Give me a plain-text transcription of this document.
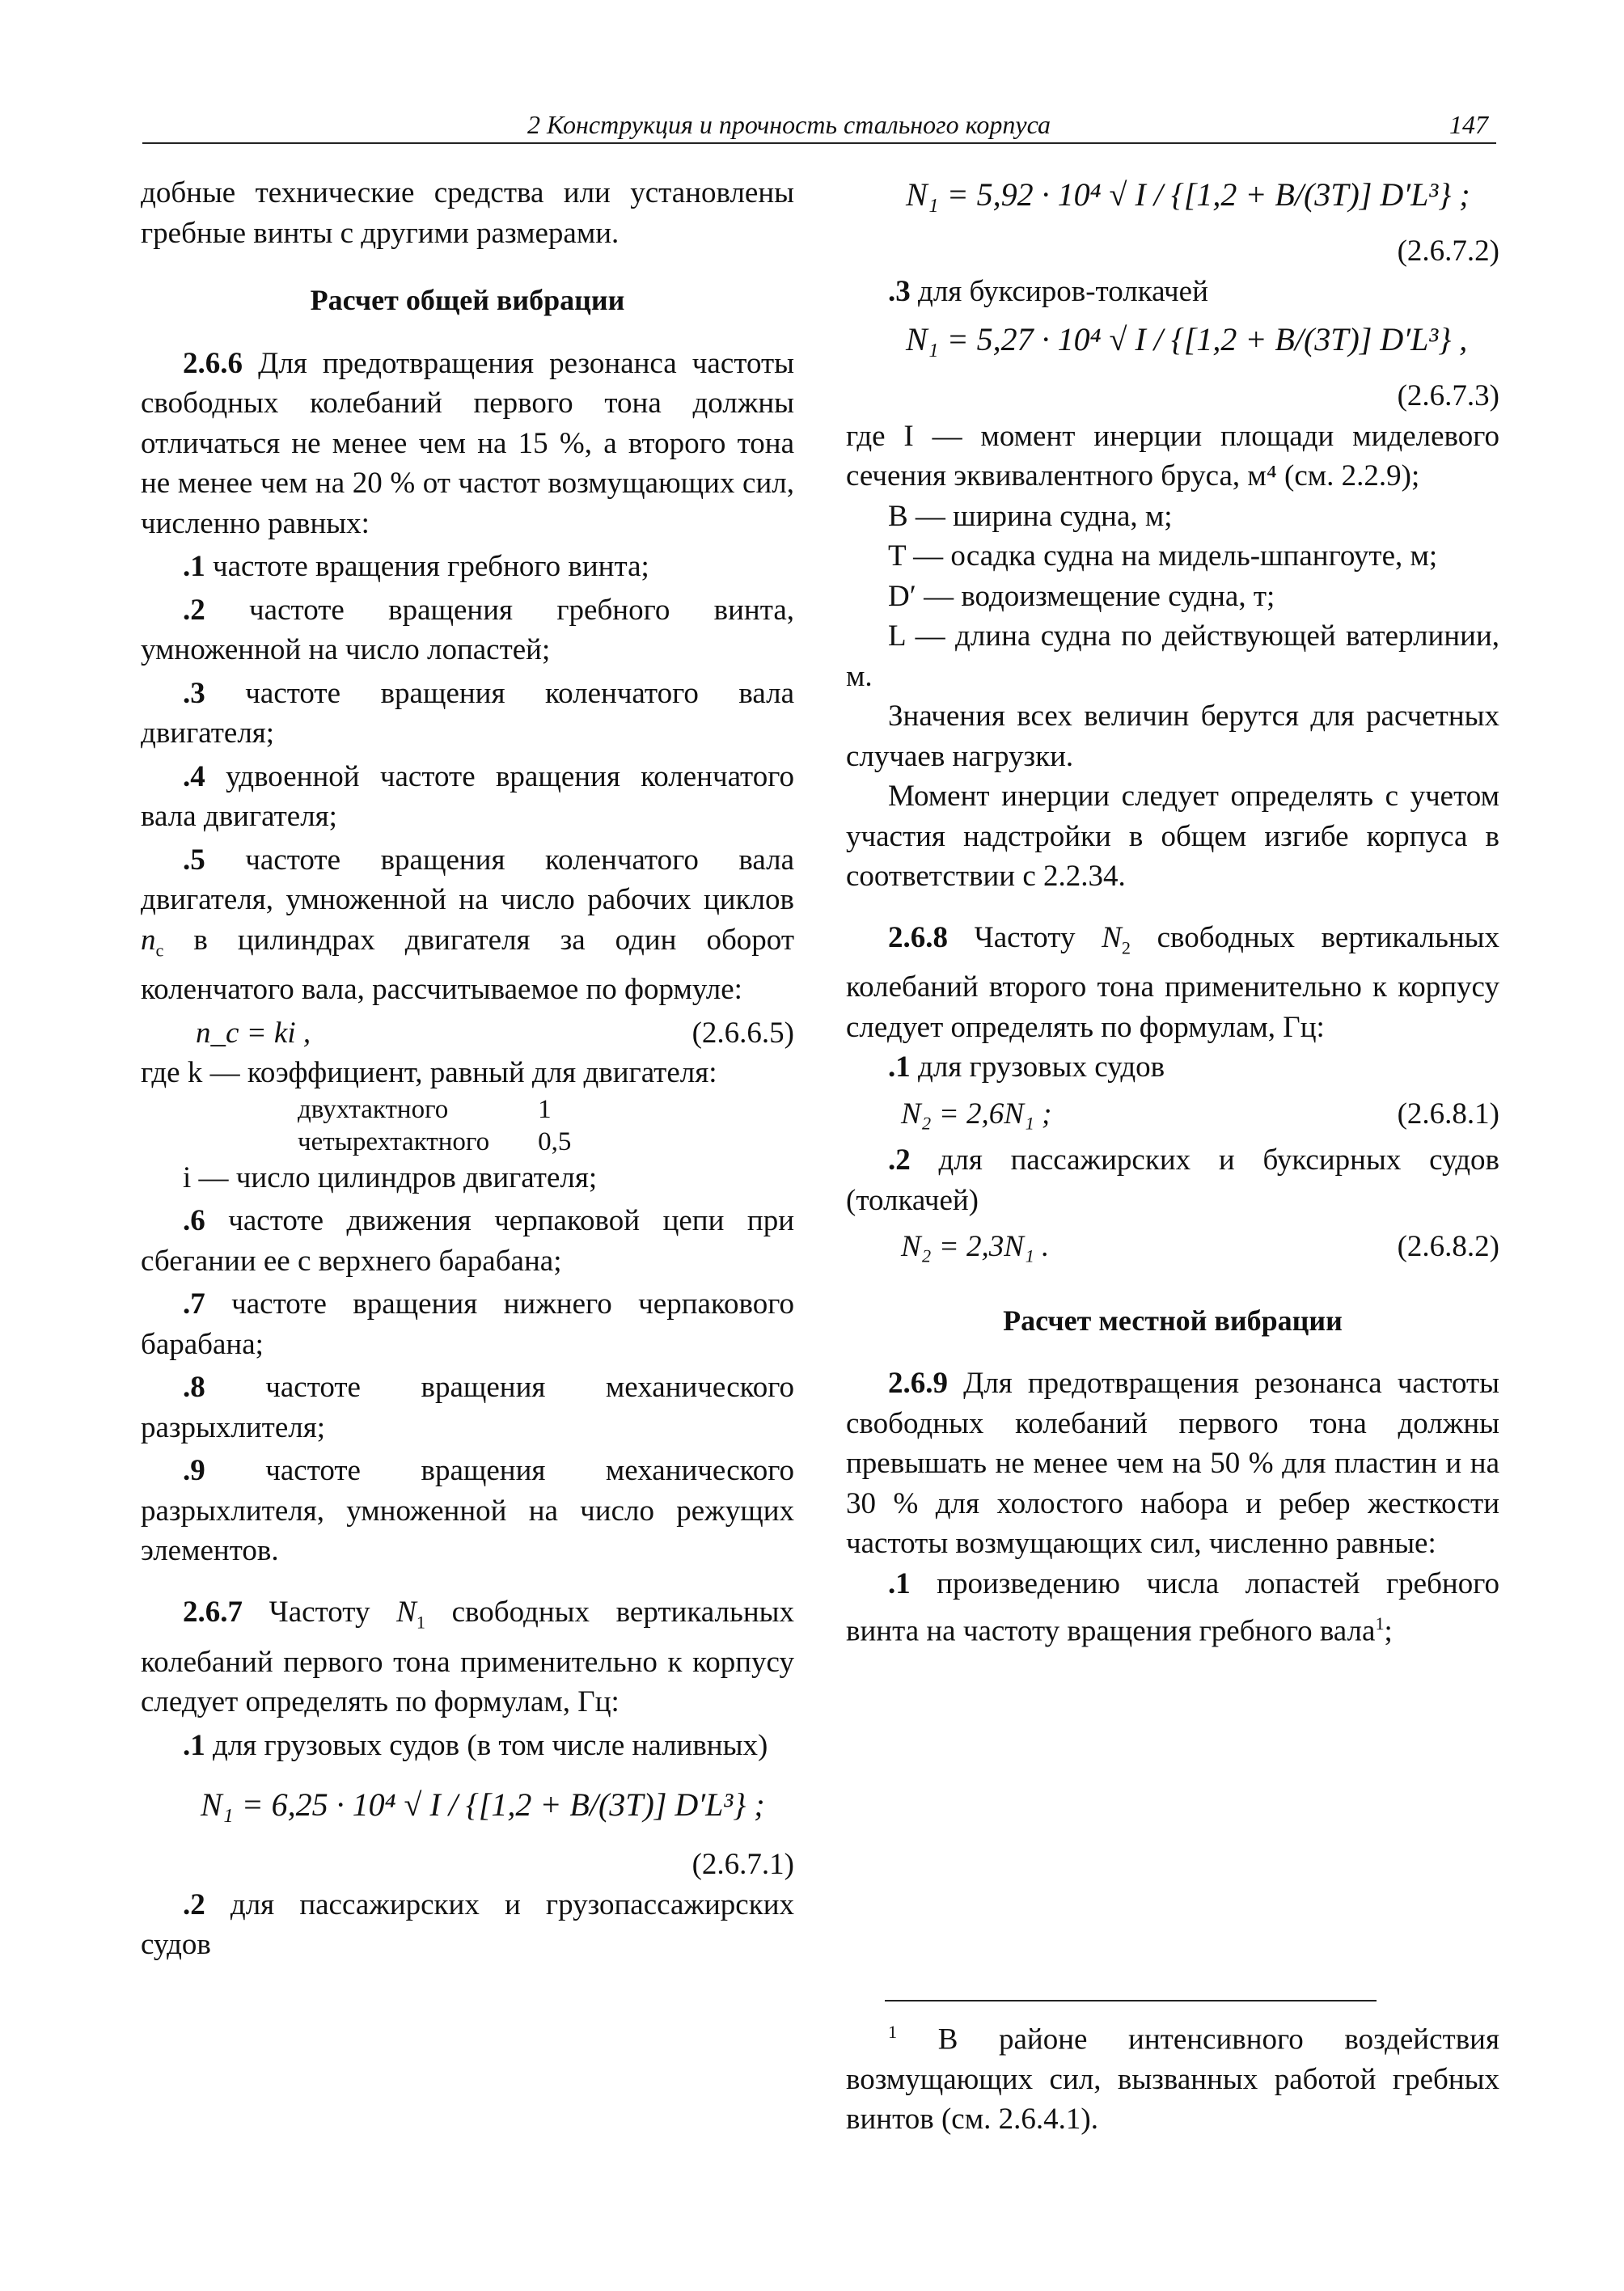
2 Конструкция и прочность стального корпуса	147

добные технические средства или установлены гребные винты с другими размерами.

Расчет общей вибрации

2.6.6 Для предотвращения резонанса частоты свободных колебаний первого тона должны отличаться не менее чем на 15 %, а второго тона не менее чем на 20 % от частот возмущающих сил, численно равных:

.1 частоте вращения гребного винта;

.2 частоте вращения гребного винта, умноженной на число лопастей;

.3 частоте вращения коленчатого вала двигателя;

.4 удвоенной частоте вращения коленчатого вала двигателя;

.5 частоте вращения коленчатого вала двигателя, умноженной на число рабочих циклов $n_c$ в цилиндрах двигателя за один оборот коленчатого вала, рассчитываемое по формуле:

n_c = ki ,	(2.6.6.5)

где k — коэффициент, равный для двигателя:

двухтактного	1
четырехтактного	0,5

i — число цилиндров двигателя;

.6 частоте движения черпаковой цепи при сбегании ее с верхнего барабана;

.7 частоте вращения нижнего черпакового барабана;

.8 частоте вращения механического разрыхлителя;

.9 частоте вращения механического разрыхлителя, умноженной на число режущих элементов.

2.6.7 Частоту $N_1$ свободных вертикальных колебаний первого тона применительно к корпусу следует определять по формулам, Гц:

.1 для грузовых судов (в том числе наливных)

N₁ = 6,25 · 10⁴ √ I / {[1,2 + B/(3T)] D′L³} ;

(2.6.7.1)

.2 для пассажирских и грузопассажирских судов

N₁ = 5,92 · 10⁴ √ I / {[1,2 + B/(3T)] D′L³} ;

(2.6.7.2)

.3 для буксиров-толкачей

N₁ = 5,27 · 10⁴ √ I / {[1,2 + B/(3T)] D′L³} ,

(2.6.7.3)

где I — момент инерции площади миделевого сечения эквивалентного бруса, м⁴ (см. 2.2.9);

B — ширина судна, м;

T — осадка судна на мидель-шпангоуте, м;

D′ — водоизмещение судна, т;

L — длина судна по действующей ватерлинии, м.

Значения всех величин берутся для расчетных случаев нагрузки.

Момент инерции следует определять с учетом участия надстройки в общем изгибе корпуса в соответствии с 2.2.34.

2.6.8 Частоту $N_2$ свободных вертикальных колебаний второго тона применительно к корпусу следует определять по формулам, Гц:

.1 для грузовых судов

N₂ = 2,6N₁ ;	(2.6.8.1)

.2 для пассажирских и буксирных судов (толкачей)

N₂ = 2,3N₁ .	(2.6.8.2)
Расчет местной вибрации

2.6.9 Для предотвращения резонанса частоты свободных колебаний первого тона должны превышать не менее чем на 50 % для пластин и на 30 % для холостого набора и ребер жесткости частоты возмущающих сил, численно равные:

.1 произведению числа лопастей гребного винта на частоту вращения гребного вала$^1$;

$^1$ В районе интенсивного воздействия возмущающих сил, вызванных работой гребных винтов (см. 2.6.4.1).
